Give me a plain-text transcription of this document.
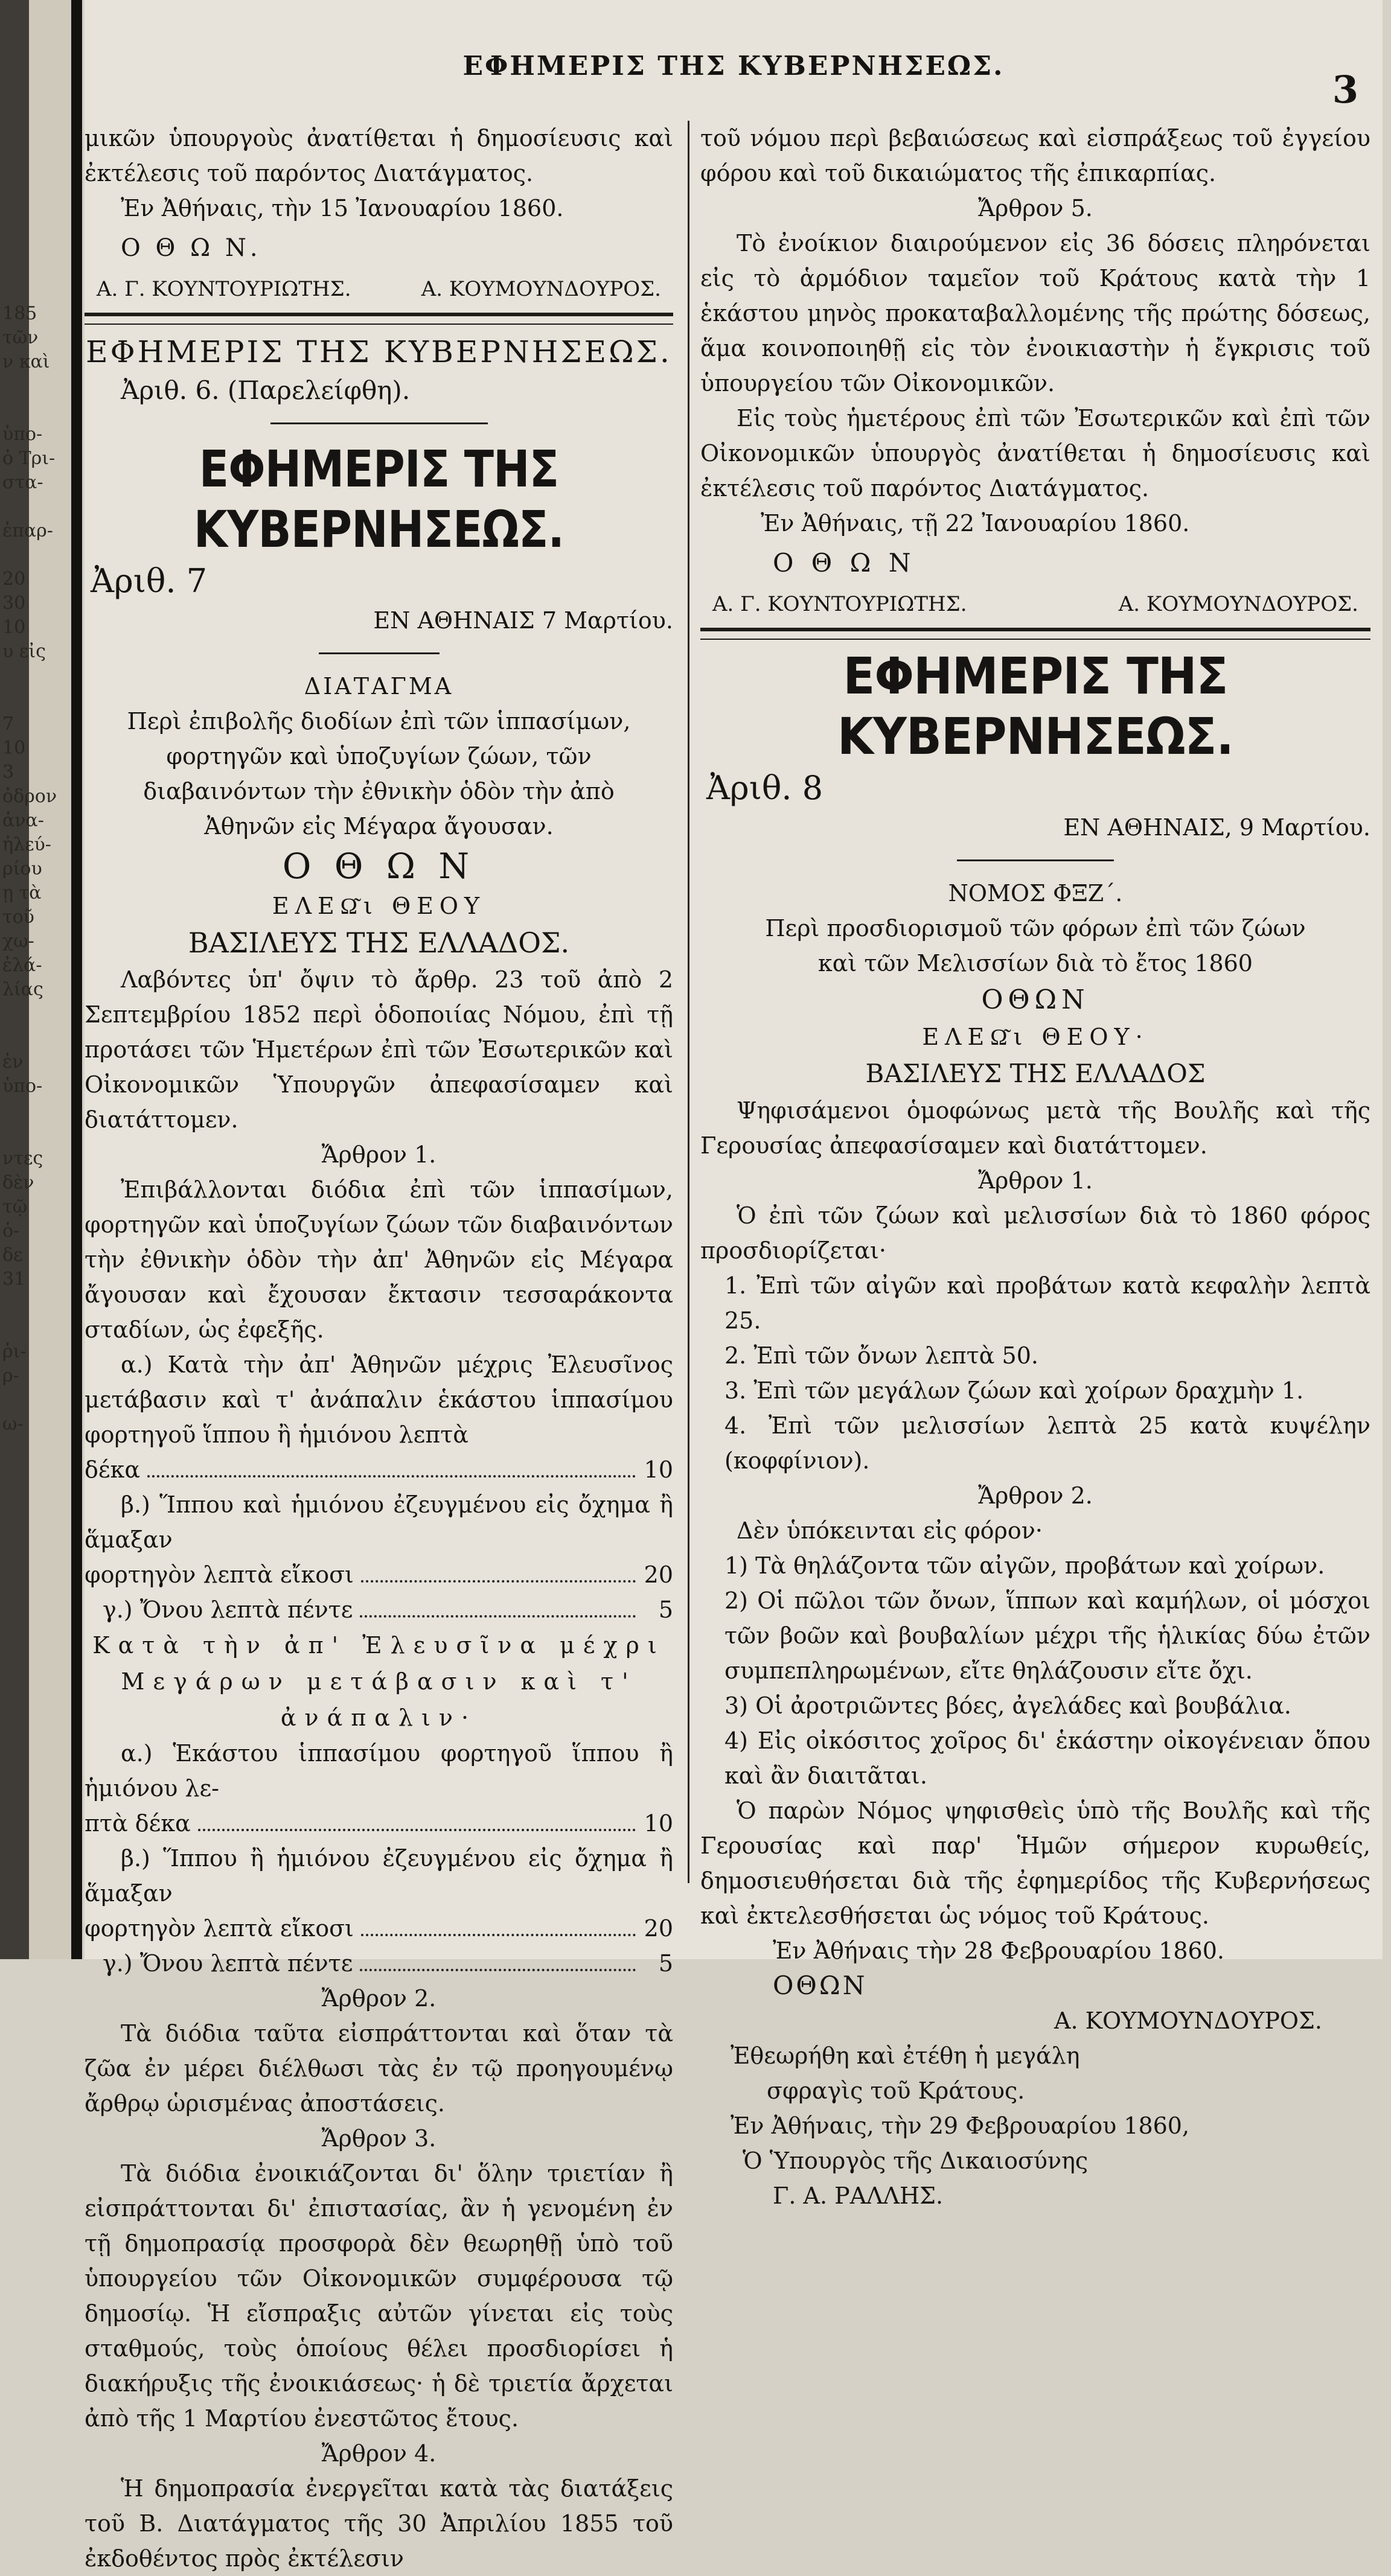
185
τῶν
ν καὶ

ὑπο-
ὁ Τρι-
στα-

ἐπαρ-

20
30
10
υ εἰς

7
10
3
ὀδρον
ἀνα-
ἠλεύ-
ρίου
ῃ τὰ
τοῦ
χω-
ἐλά-
λίας

ἐν
ὑπο-

ντες
δὲν
τῷ
ὁ-
δε
31

ῥι-
ρ-

ω-
ΕΦΗΜΕΡΙΣ ΤΗΣ ΚΥΒΕΡΝΗΣΕΩΣ.
3

μικῶν ὑπουργοὺς ἀνατίθεται ἡ δημοσίευσις καὶ ἐκτέλεσις τοῦ παρόντος Διατάγματος.

Ἐν Ἀθήναις, τὴν 15 Ἰανουαρίου 1860.

Ο Θ Ω Ν.

Α. Γ. ΚΟΥΝΤΟΥΡΙΩΤΗΣ.	Α. ΚΟΥΜΟΥΝΔΟΥΡΟΣ.
ΕΦΗΜΕΡΙΣ ΤΗΣ ΚΥΒΕΡΝΗΣΕΩΣ.

Ἀριθ. 6. (Παρελείφθη).

ΕΦΗΜΕΡΙΣ ΤΗΣ ΚΥΒΕΡΝΗΣΕΩΣ.

Ἀριθ. 7

ΕΝ ΑΘΗΝΑΙΣ 7 Μαρτίου.

ΔΙΑΤΑΓΜΑ

Περὶ ἐπιβολῆς διοδίων ἐπὶ τῶν ἱππασίμων, φορτηγῶν καὶ ὑποζυγίων ζώων, τῶν διαβαινόντων τὴν ἐθνικὴν ὁδὸν τὴν ἀπὸ Ἀθηνῶν εἰς Μέγαρα ἄγουσαν.

Ο Θ Ω Ν

ΕΛΕΩ͂ι ΘΕΟΥ

ΒΑΣΙΛΕΥΣ ΤΗΣ ΕΛΛΑΔΟΣ.

Λαβόντες ὑπ' ὄψιν τὸ ἄρθρ. 23 τοῦ ἀπὸ 2 Σεπτεμβρίου 1852 περὶ ὁδοποιίας Νόμου, ἐπὶ τῇ προτάσει τῶν Ἡμετέρων ἐπὶ τῶν Ἐσωτερικῶν καὶ Οἰκονομικῶν Ὑπουργῶν ἀπεφασίσαμεν καὶ διατάττομεν.

Ἄρθρον 1.

Ἐπιβάλλονται διόδια ἐπὶ τῶν ἱππασίμων, φορτηγῶν καὶ ὑποζυγίων ζώων τῶν διαβαινόντων τὴν ἐθνικὴν ὁδὸν τὴν ἀπ' Ἀθηνῶν εἰς Μέγαρα ἄγουσαν καὶ ἔχουσαν ἔκτασιν τεσσαράκοντα σταδίων, ὡς ἐφεξῆς.

α.) Κατὰ τὴν ἀπ' Ἀθηνῶν μέχρις Ἐλευσῖνος μετάβασιν καὶ τ' ἀνάπαλιν ἑκάστου ἱππασίμου φορτηγοῦ ἵππου ἢ ἡμιόνου λεπτὰ

δέκα	10

β.) Ἵππου καὶ ἡμιόνου ἐζευγμένου εἰς ὄχημα ἢ ἅμαξαν

φορτηγὸν λεπτὰ εἴκοσι	20
γ.) Ὄνου λεπτὰ πέντε	5

Κατὰ τὴν ἀπ' Ἐλευσῖνα μέχρι Μεγάρων μετάβασιν καὶ τ' ἀνάπαλιν·

α.) Ἑκάστου ἱππασίμου φορτηγοῦ ἵππου ἢ ἡμιόνου λε-

πτὰ δέκα	10

β.) Ἵππου ἢ ἡμιόνου ἐζευγμένου εἰς ὄχημα ἢ ἅμαξαν

φορτηγὸν λεπτὰ εἴκοσι	20
γ.) Ὄνου λεπτὰ πέντε	5

Ἄρθρον 2.

Τὰ διόδια ταῦτα εἰσπράττονται καὶ ὅταν τὰ ζῶα ἐν μέρει διέλθωσι τὰς ἐν τῷ προηγουμένῳ ἄρθρῳ ὡρισμένας ἀποστάσεις.

Ἄρθρον 3.

Τὰ διόδια ἐνοικιάζονται δι' ὅλην τριετίαν ἢ εἰσπράττονται δι' ἐπιστασίας, ἂν ἡ γενομένη ἐν τῇ δημοπρασίᾳ προσφορὰ δὲν θεωρηθῇ ὑπὸ τοῦ ὑπουργείου τῶν Οἰκονομικῶν συμφέρουσα τῷ δημοσίῳ. Ἡ εἴσπραξις αὐτῶν γίνεται εἰς τοὺς σταθμούς, τοὺς ὁποίους θέλει προσδιορίσει ἡ διακήρυξις τῆς ἐνοικιάσεως· ἡ δὲ τριετία ἄρχεται ἀπὸ τῆς 1 Μαρτίου ἐνεστῶτος ἔτους.

Ἄρθρον 4.

Ἡ δημοπρασία ἐνεργεῖται κατὰ τὰς διατάξεις τοῦ Β. Διατάγματος τῆς 30 Ἀπριλίου 1855 τοῦ ἐκδοθέντος πρὸς ἐκτέλεσιν

τοῦ νόμου περὶ βεβαιώσεως καὶ εἰσπράξεως τοῦ ἐγγείου φόρου καὶ τοῦ δικαιώματος τῆς ἐπικαρπίας.

Ἄρθρον 5.

Τὸ ἐνοίκιον διαιρούμενον εἰς 36 δόσεις πληρόνεται εἰς τὸ ἁρμόδιον ταμεῖον τοῦ Κράτους κατὰ τὴν 1 ἑκάστου μηνὸς προκαταβαλλομένης τῆς πρώτης δόσεως, ἅμα κοινοποιηθῇ εἰς τὸν ἐνοικιαστὴν ἡ ἔγκρισις τοῦ ὑπουργείου τῶν Οἰκονομικῶν.

Εἰς τοὺς ἡμετέρους ἐπὶ τῶν Ἐσωτερικῶν καὶ ἐπὶ τῶν Οἰκονομικῶν ὑπουργὸς ἀνατίθεται ἡ δημοσίευσις καὶ ἐκτέλεσις τοῦ παρόντος Διατάγματος.

Ἐν Ἀθήναις, τῇ 22 Ἰανουαρίου 1860.

Ο Θ Ω Ν

Α. Γ. ΚΟΥΝΤΟΥΡΙΩΤΗΣ.	Α. ΚΟΥΜΟΥΝΔΟΥΡΟΣ.
ΕΦΗΜΕΡΙΣ ΤΗΣ ΚΥΒΕΡΝΗΣΕΩΣ.

Ἀριθ. 8

ΕΝ ΑΘΗΝΑΙΣ, 9 Μαρτίου.

ΝΟΜΟΣ ΦΞΖ΄.

Περὶ προσδιορισμοῦ τῶν φόρων ἐπὶ τῶν ζώων καὶ τῶν Μελισσίων διὰ τὸ ἔτος 1860

ΟΘΩΝ

ΕΛΕΩ͂ι ΘΕΟΥ·

ΒΑΣΙΛΕΥΣ ΤΗΣ ΕΛΛΑΔΟΣ

Ψηφισάμενοι ὁμοφώνως μετὰ τῆς Βουλῆς καὶ τῆς Γερουσίας ἀπεφασίσαμεν καὶ διατάττομεν.

Ἄρθρον 1.

Ὁ ἐπὶ τῶν ζώων καὶ μελισσίων διὰ τὸ 1860 φόρος προσδιορίζεται·

1. Ἐπὶ τῶν αἰγῶν καὶ προβάτων κατὰ κεφαλὴν λεπτὰ 25.

2. Ἐπὶ τῶν ὄνων λεπτὰ 50.

3. Ἐπὶ τῶν μεγάλων ζώων καὶ χοίρων δραχμὴν 1.

4. Ἐπὶ τῶν μελισσίων λεπτὰ 25 κατὰ κυψέλην (κοφφίνιον).

Ἄρθρον 2.

Δὲν ὑπόκεινται εἰς φόρον·

1) Τὰ θηλάζοντα τῶν αἰγῶν, προβάτων καὶ χοίρων.

2) Οἱ πῶλοι τῶν ὄνων, ἵππων καὶ καμήλων, οἱ μόσχοι τῶν βοῶν καὶ βουβαλίων μέχρι τῆς ἡλικίας δύω ἐτῶν συμπεπληρωμένων, εἴτε θηλάζουσιν εἴτε ὄχι.

3) Οἱ ἀροτριῶντες βόες, ἀγελάδες καὶ βουβάλια.

4) Εἰς οἰκόσιτος χοῖρος δι' ἑκάστην οἰκογένειαν ὅπου καὶ ἂν διαιτᾶται.

Ὁ παρὼν Νόμος ψηφισθεὶς ὑπὸ τῆς Βουλῆς καὶ τῆς Γερουσίας καὶ παρ' Ἡμῶν σήμερον κυρωθείς, δημοσιευθήσεται διὰ τῆς ἐφημερίδος τῆς Κυβερνήσεως καὶ ἐκτελεσθήσεται ὡς νόμος τοῦ Κράτους.

Ἐν Ἀθήναις τὴν 28 Φεβρουαρίου 1860.

ΟΘΩΝ

Α. ΚΟΥΜΟΥΝΔΟΥΡΟΣ.

Ἐθεωρήθη καὶ ἐτέθη ἡ μεγάλη

σφραγὶς τοῦ Κράτους.

Ἐν Ἀθήναις, τὴν 29 Φεβρουαρίου 1860,

Ὁ Ὑπουργὸς τῆς Δικαιοσύνης

Γ. Α. ΡΑΛΛΗΣ.
